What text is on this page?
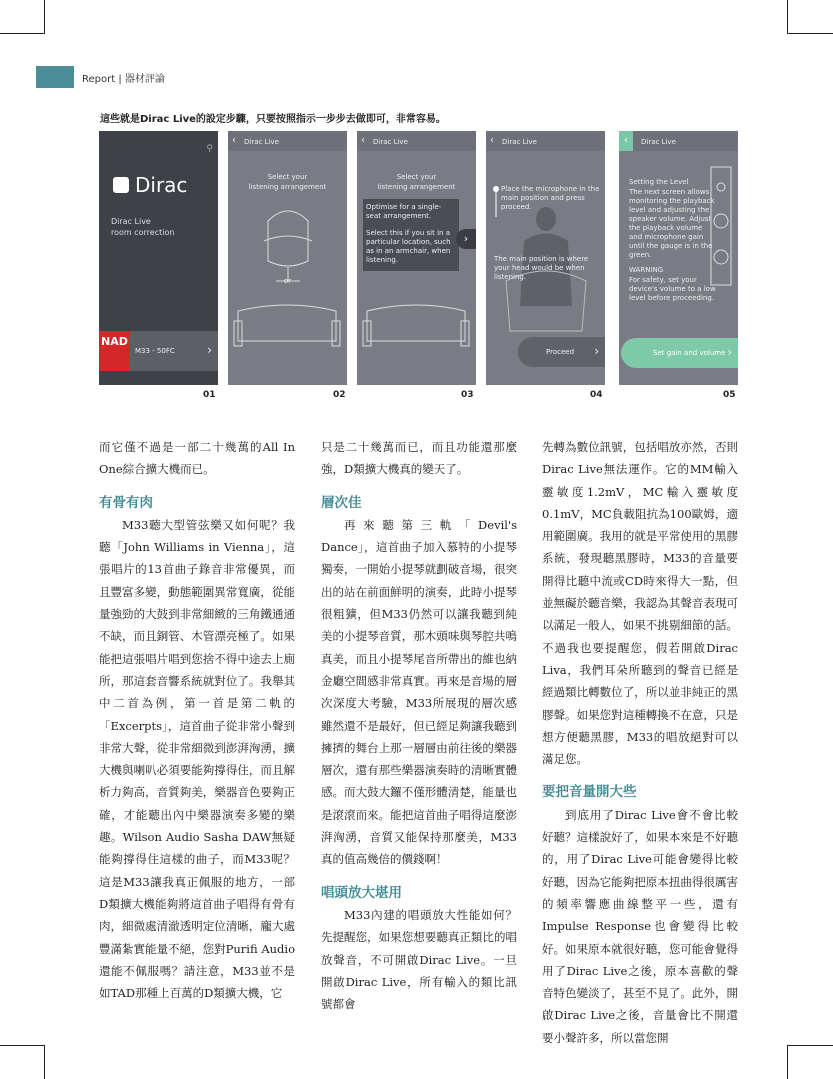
Report | 器材評論
這些就是Dirac Live的設定步驟，只要按照指示一步步去做即可，非常容易。
⚲
Dirac
Dirac Live
room correction
NAD
M33 - 50FC	›
01
‹ Dirac Live
Select your
listening arrangement
or
02
‹ Dirac Live
Select your
listening arrangement
Optimise for a single-seat arrangement.
Select this if you sit in a particular location, such as in an armchair, when listening.
›
03
‹ Dirac Live
Place the microphone in the main position and press proceed.
The main position is where your head would be when listening.
Proceed ›
04
‹	Dirac Live
Setting the Level
The next screen allows monitoring the playback level and adjusting the speaker volume. Adjust the playback volume and microphone gain until the gauge is in the green.
WARNING
For safety, set your device's volume to a low level before proceeding.
Set gain and volume ›
05

而它僅不過是一部二十幾萬的All In One綜合擴大機而已。

有骨有肉

M33聽大型管弦樂又如何呢？我聽「John Williams in Vienna」，這張唱片的13首曲子錄音非常優異，而且豐富多變，動態範圍異常寬廣，從能量強勁的大鼓到非常細緻的三角鐵通通不缺，而且銅管、木管漂亮極了。如果能把這張唱片唱到您捨不得中途去上廁所，那這套音響系統就對位了。我舉其中二首為例，第一首是第二軌的「Excerpts」，這首曲子從非常小聲到非常大聲，從非常細微到澎湃洶湧，擴大機與喇叭必須要能夠撐得住，而且解析力夠高，音質夠美，樂器音色要夠正確，才能聽出內中樂器演奏多變的樂趣。Wilson Audio Sasha DAW無疑能夠撐得住這樣的曲子，而M33呢？這是M33讓我真正佩服的地方，一部D類擴大機能夠將這首曲子唱得有骨有肉，細微處清澈透明定位清晰，龐大處豐滿紮實能量不絕，您對Purifi Audio還能不佩服嗎？請注意，M33並不是如TAD那種上百萬的D類擴大機，它

只是二十幾萬而已，而且功能還那麼強，D類擴大機真的變天了。

層次佳

再來聽第三軌「Devil's Dance」，這首曲子加入慕特的小提琴獨奏，一開始小提琴就劃破音場，很突出的站在前面鮮明的演奏，此時小提琴很粗獷，但M33仍然可以讓我聽到純美的小提琴音質，那木頭味與琴腔共鳴真美，而且小提琴尾音所帶出的維也納金廳空間感非常真實。再來是音場的層次深度大考驗，M33所展現的層次感雖然還不是最好，但已經足夠讓我聽到擁擠的舞台上那一層層由前往後的樂器層次，還有那些樂器演奏時的清晰實體感。而大鼓大鑼不僅形體清楚，能量也是滾滾而來。能把這首曲子唱得這麼澎湃洶湧，音質又能保持那麼美，M33真的值高幾倍的價錢啊！

唱頭放大堪用

M33內建的唱頭放大性能如何？先提醒您，如果您想要聽真正類比的唱放聲音，不可開啟Dirac Live。一旦開啟Dirac Live，所有輸入的類比訊號都會

先轉為數位訊號，包括唱放亦然，否則Dirac Live無法運作。它的MM輸入靈敏度1.2mV，MC輸入靈敏度0.1mV，MC負載阻抗為100歐姆，適用範圍廣。我用的就是平常使用的黑膠系統，發現聽黑膠時，M33的音量要開得比聽中流或CD時來得大一點，但並無礙於聽音樂，我認為其聲音表現可以滿足一般人，如果不挑剔細節的話。不過我也要提醒您，假若開啟Dirac Liva，我們耳朵所聽到的聲音已經是經過類比轉數位了，所以並非純正的黑膠聲。如果您對這種轉換不在意，只是想方便聽黑膠，M33的唱放絕對可以滿足您。

要把音量開大些

到底用了Dirac Live會不會比較好聽？這樣說好了，如果本來是不好聽的，用了Dirac Live可能會變得比較好聽，因為它能夠把原本扭曲得很厲害的頻率響應曲線整平一些，還有Impulse Response也會變得比較好。如果原本就很好聽，您可能會覺得用了Dirac Live之後，原本喜歡的聲音特色變淡了，甚至不見了。此外，開啟Dirac Live之後，音量會比不開還要小聲許多，所以當您開
